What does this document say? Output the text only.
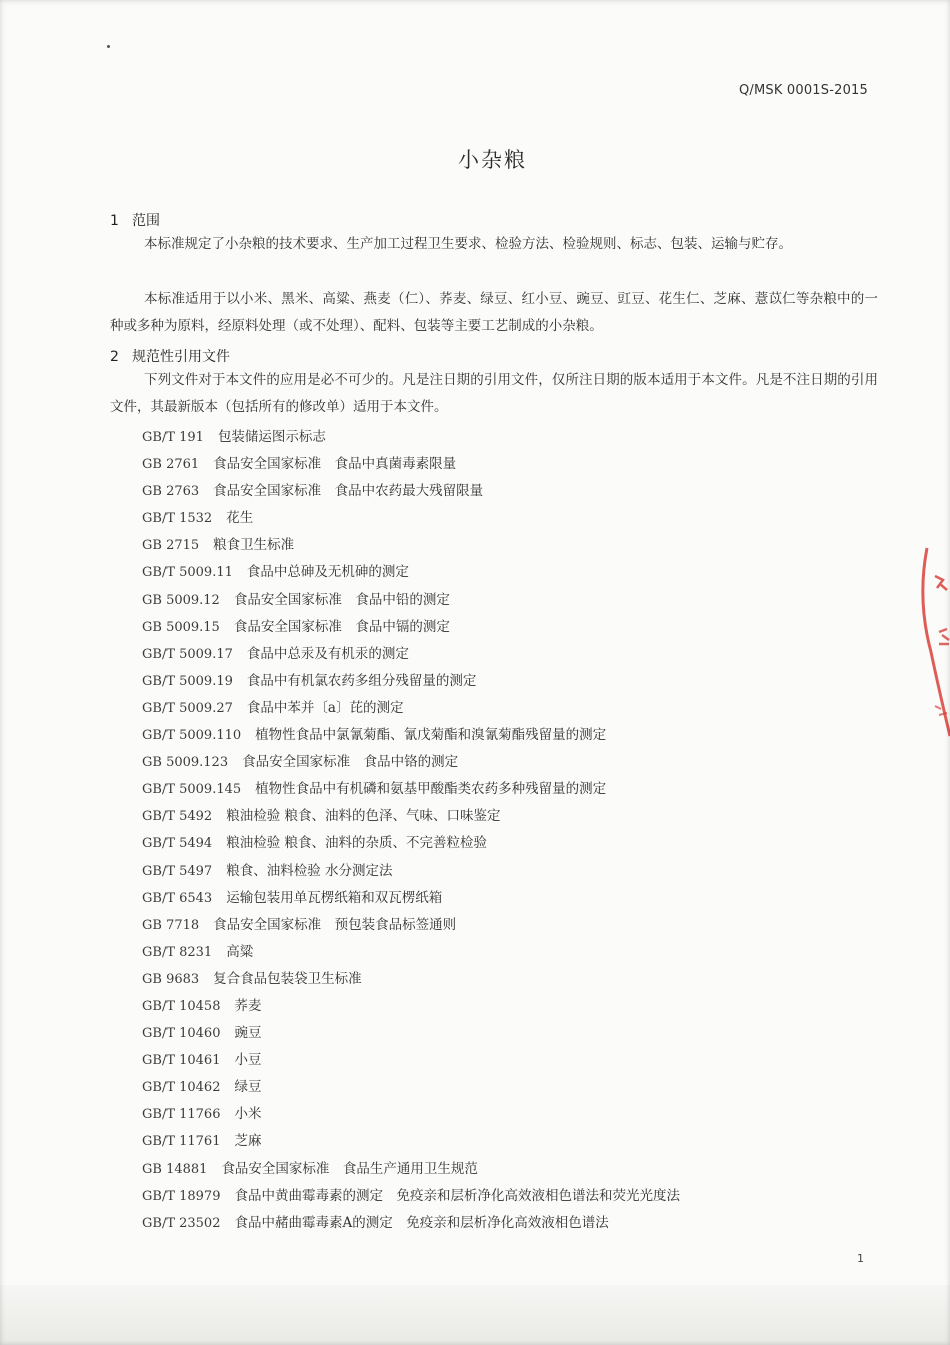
Q/MSK 0001S-2015
小杂粮
1 范围

本标准规定了小杂粮的技术要求、生产加工过程卫生要求、检验方法、检验规则、标志、包装、运输与贮存。

本标准适用于以小米、黑米、高粱、燕麦（仁）、荞麦、绿豆、红小豆、豌豆、豇豆、花生仁、芝麻、薏苡仁等杂粮中的一种或多种为原料，经原料处理（或不处理）、配料、包装等主要工艺制成的小杂粮。

2 规范性引用文件

下列文件对于本文件的应用是必不可少的。凡是注日期的引用文件，仅所注日期的版本适用于本文件。凡是不注日期的引用文件，其最新版本（包括所有的修改单）适用于本文件。

GB/T 191 包装储运图示标志
GB 2761 食品安全国家标准　食品中真菌毒素限量
GB 2763 食品安全国家标准　食品中农药最大残留限量
GB/T 1532 花生
GB 2715 粮食卫生标准
GB/T 5009.11 食品中总砷及无机砷的测定
GB 5009.12 食品安全国家标准　食品中铅的测定
GB 5009.15 食品安全国家标准　食品中镉的测定
GB/T 5009.17 食品中总汞及有机汞的测定
GB/T 5009.19 食品中有机氯农药多组分残留量的测定
GB/T 5009.27 食品中苯并〔a〕芘的测定
GB/T 5009.110 植物性食品中氯氰菊酯、氰戊菊酯和溴氰菊酯残留量的测定
GB 5009.123 食品安全国家标准　食品中铬的测定
GB/T 5009.145 植物性食品中有机磷和氨基甲酸酯类农药多种残留量的测定
GB/T 5492 粮油检验 粮食、油料的色泽、气味、口味鉴定
GB/T 5494 粮油检验 粮食、油料的杂质、不完善粒检验
GB/T 5497 粮食、油料检验 水分测定法
GB/T 6543 运输包装用单瓦楞纸箱和双瓦楞纸箱
GB 7718 食品安全国家标准　预包装食品标签通则
GB/T 8231 高粱
GB 9683 复合食品包装袋卫生标准
GB/T 10458 荞麦
GB/T 10460 豌豆
GB/T 10461 小豆
GB/T 10462 绿豆
GB/T 11766 小米
GB/T 11761 芝麻
GB 14881 食品安全国家标准　食品生产通用卫生规范
GB/T 18979 食品中黄曲霉毒素的测定　免疫亲和层析净化高效液相色谱法和荧光光度法
GB/T 23502 食品中赭曲霉毒素A的测定　免疫亲和层析净化高效液相色谱法
1
